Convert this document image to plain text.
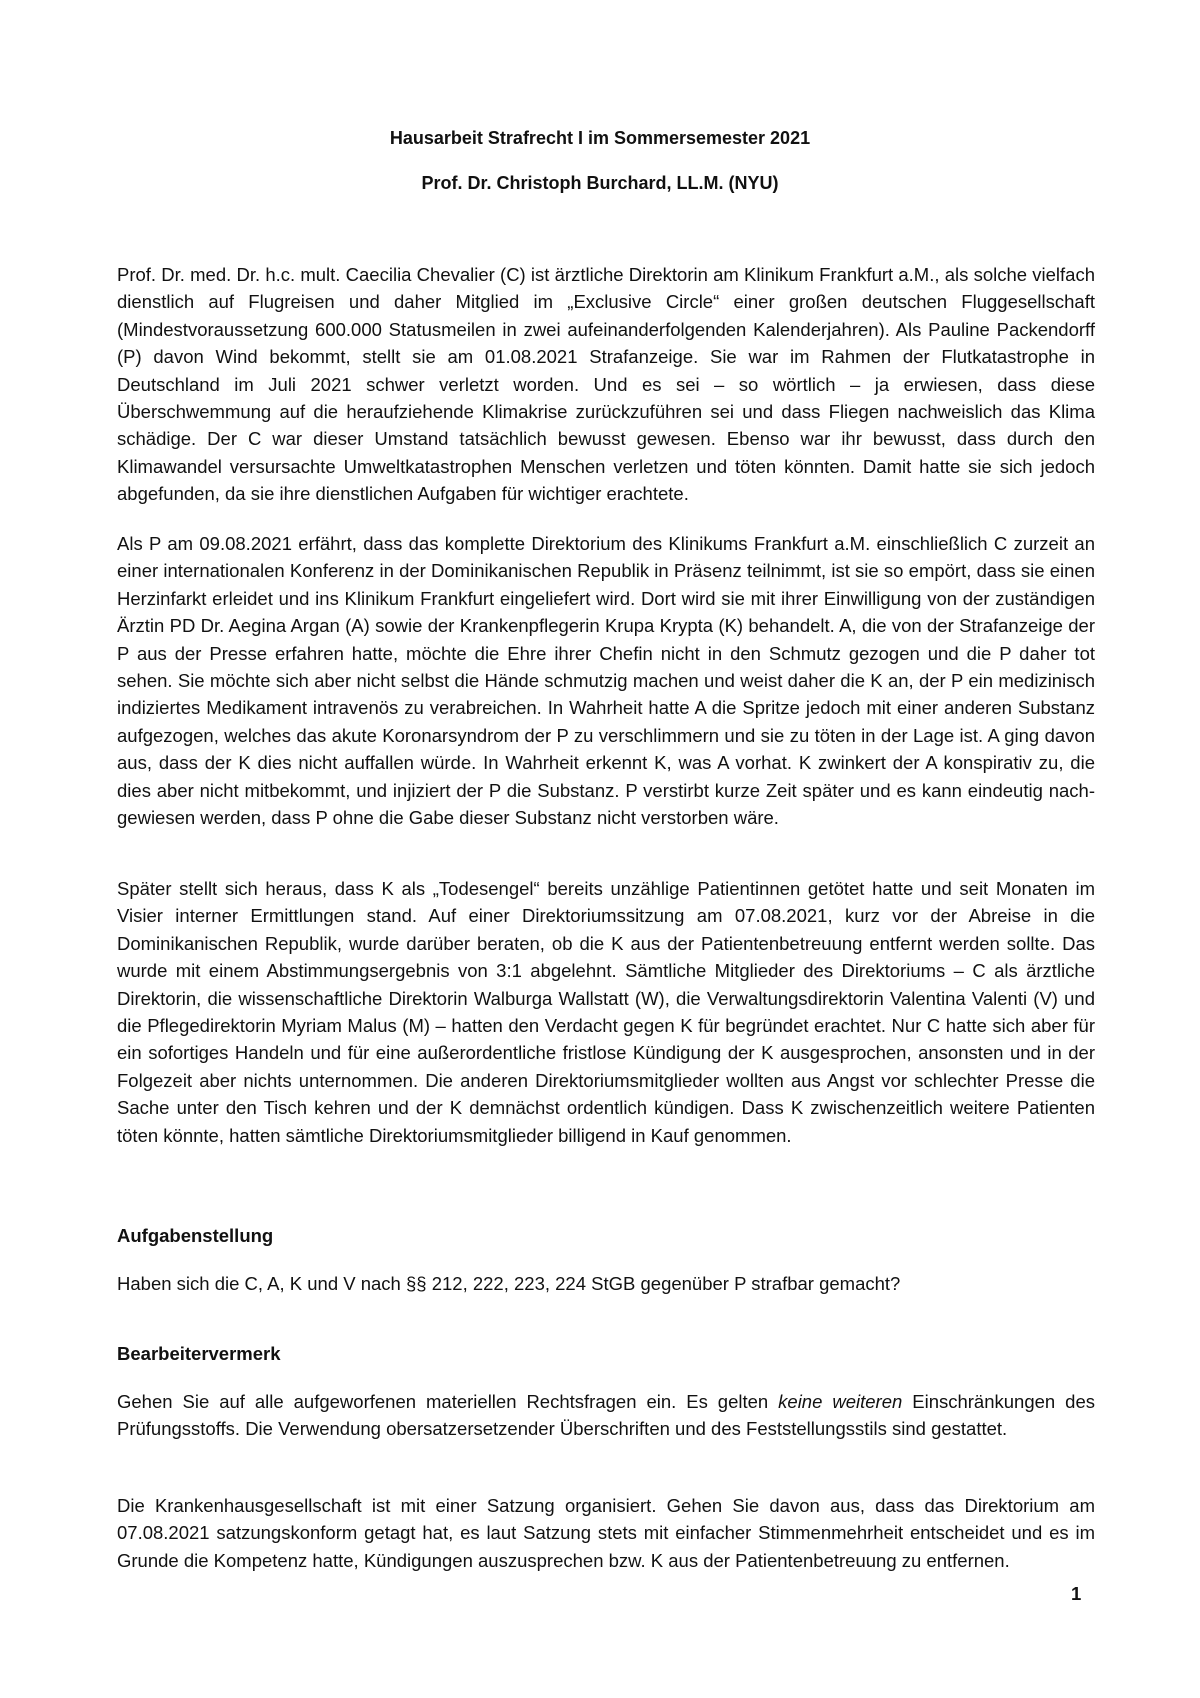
Hausarbeit Strafrecht I im Sommersemester 2021
Prof. Dr. Christoph Burchard, LL.M. (NYU)

Prof. Dr. med. Dr. h.c. mult. Caecilia Chevalier (C) ist ärztliche Direktorin am Klinikum Frankfurt a.M., als solche vielfach dienstlich auf Flugreisen und daher Mitglied im „Exclusive Circle“ einer großen deutschen Fluggesellschaft (Mindestvoraussetzung 600.000 Statusmeilen in zwei aufeinanderfolgenden Kalenderjahren). Als Pauline Packendorff (P) davon Wind bekommt, stellt sie am 01.08.2021 Strafanzeige. Sie war im Rahmen der Flutkatastrophe in Deutschland im Juli 2021 schwer verletzt worden. Und es sei – so wörtlich – ja erwiesen, dass diese Überschwemmung auf die heraufziehende Klimakrise zurückzuführen sei und dass Fliegen nachweislich das Klima schädige. Der C war dieser Umstand tatsächlich bewusst gewesen. Ebenso war ihr bewusst, dass durch den Klimawandel versursachte Umweltkatastrophen Menschen verletzen und töten könnten. Damit hatte sie sich jedoch abgefunden, da sie ihre dienstlichen Aufgaben für wichtiger erachtete.

Als P am 09.08.2021 erfährt, dass das komplette Direktorium des Klinikums Frankfurt a.M. einschließlich C zurzeit an einer internationalen Konferenz in der Dominikanischen Republik in Präsenz teilnimmt, ist sie so empört, dass sie einen Herzinfarkt erleidet und ins Klinikum Frankfurt eingeliefert wird. Dort wird sie mit ihrer Einwilligung von der zuständigen Ärztin PD Dr. Aegina Argan (A) sowie der Krankenpflegerin Krupa Krypta (K) behandelt. A, die von der Strafanzeige der P aus der Presse erfahren hatte, möchte die Ehre ihrer Chefin nicht in den Schmutz gezogen und die P daher tot sehen. Sie möchte sich aber nicht selbst die Hände schmutzig machen und weist daher die K an, der P ein medizinisch indiziertes Medikament intravenös zu verabreichen. In Wahrheit hatte A die Spritze jedoch mit einer anderen Substanz aufgezogen, welches das akute Koronarsyndrom der P zu verschlimmern und sie zu töten in der Lage ist. A ging davon aus, dass der K dies nicht auffallen würde. In Wahrheit erkennt K, was A vorhat. K zwinkert der A konspirativ zu, die dies aber nicht mitbekommt, und injiziert der P die Substanz. P verstirbt kurze Zeit später und es kann eindeutig nachgewiesen werden, dass P ohne die Gabe dieser Substanz nicht verstorben wäre.

Später stellt sich heraus, dass K als „Todesengel“ bereits unzählige Patientinnen getötet hatte und seit Monaten im Visier interner Ermittlungen stand. Auf einer Direktoriumssitzung am 07.08.2021, kurz vor der Abreise in die Dominikanischen Republik, wurde darüber beraten, ob die K aus der Patientenbetreuung entfernt werden sollte. Das wurde mit einem Abstimmungsergebnis von 3:1 abgelehnt. Sämtliche Mitglieder des Direktoriums – C als ärztliche Direktorin, die wissenschaftliche Direktorin Walburga Wallstatt (W), die Verwaltungsdirektorin Valentina Valenti (V) und die Pflegedirektorin Myriam Malus (M) – hatten den Verdacht gegen K für begründet erachtet. Nur C hatte sich aber für ein sofortiges Handeln und für eine außerordentliche fristlose Kündigung der K ausgesprochen, ansonsten und in der Folgezeit aber nichts unternommen. Die anderen Direktoriumsmitglieder wollten aus Angst vor schlechter Presse die Sache unter den Tisch kehren und der K demnächst ordentlich kündigen. Dass K zwischenzeitlich weitere Patienten töten könnte, hatten sämtliche Direktoriumsmitglieder billigend in Kauf genommen.

Aufgabenstellung

Haben sich die C, A, K und V nach §§ 212, 222, 223, 224 StGB gegenüber P strafbar gemacht?

Bearbeitervermerk

Gehen Sie auf alle aufgeworfenen materiellen Rechtsfragen ein. Es gelten keine weiteren Einschränkungen des Prüfungsstoffs. Die Verwendung obersatzersetzender Überschriften und des Feststellungsstils sind gestattet.

Die Krankenhausgesellschaft ist mit einer Satzung organisiert. Gehen Sie davon aus, dass das Direktorium am 07.08.2021 satzungskonform getagt hat, es laut Satzung stets mit einfacher Stimmenmehrheit entscheidet und es im Grunde die Kompetenz hatte, Kündigungen auszusprechen bzw. K aus der Patientenbetreuung zu entfernen.

1
